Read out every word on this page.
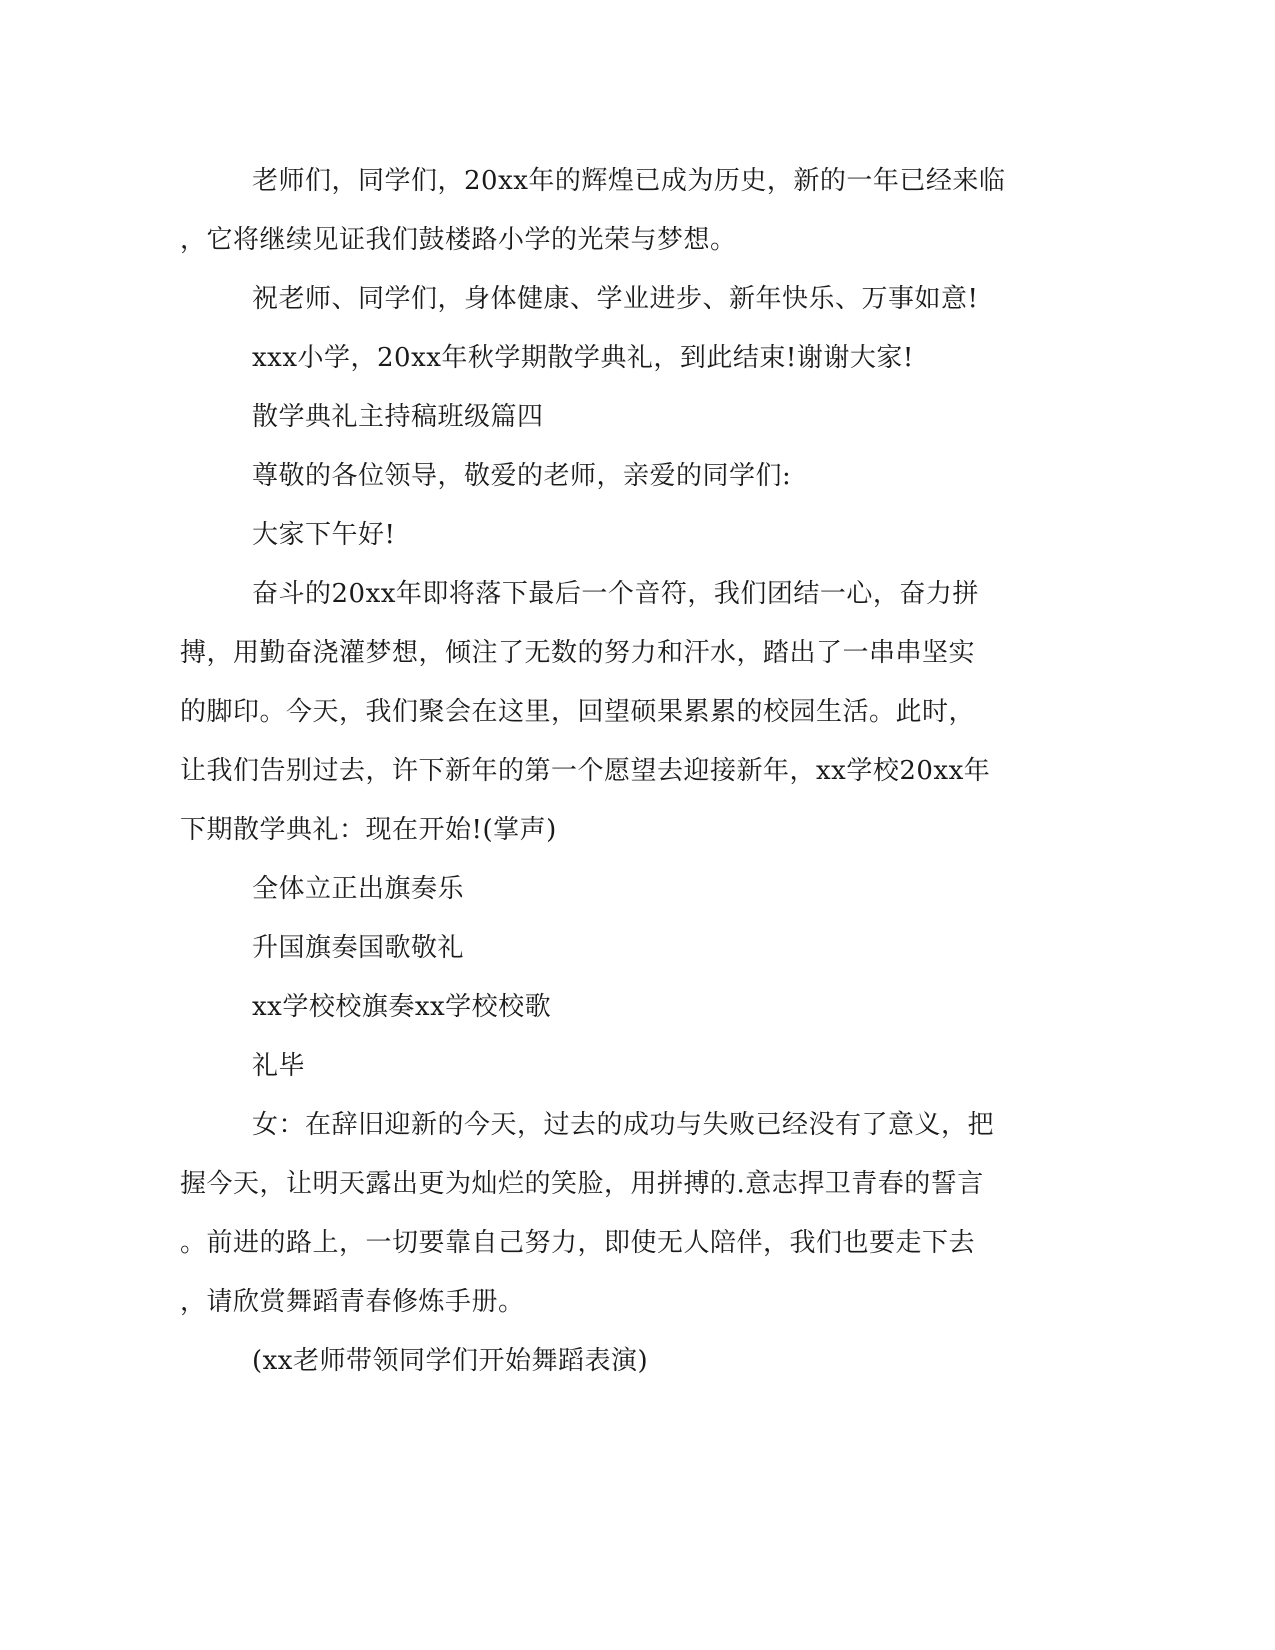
老师们，同学们，20xx年的辉煌已成为历史，新的一年已经来临
，它将继续见证我们鼓楼路小学的光荣与梦想。
祝老师、同学们，身体健康、学业进步、新年快乐、万事如意!
xxx小学，20xx年秋学期散学典礼，到此结束!谢谢大家!
散学典礼主持稿班级篇四
尊敬的各位领导，敬爱的老师，亲爱的同学们:
大家下午好!
奋斗的20xx年即将落下最后一个音符，我们团结一心，奋力拼
搏，用勤奋浇灌梦想，倾注了无数的努力和汗水，踏出了一串串坚实
的脚印。今天，我们聚会在这里，回望硕果累累的校园生活。此时，
让我们告别过去，许下新年的第一个愿望去迎接新年，xx学校20xx年
下期散学典礼：现在开始!(掌声)
全体立正出旗奏乐
升国旗奏国歌敬礼
xx学校校旗奏xx学校校歌
礼毕
女：在辞旧迎新的今天，过去的成功与失败已经没有了意义，把
握今天，让明天露出更为灿烂的笑脸，用拼搏的.意志捍卫青春的誓言
。前进的路上，一切要靠自己努力，即使无人陪伴，我们也要走下去
，请欣赏舞蹈青春修炼手册。
(xx老师带领同学们开始舞蹈表演)
